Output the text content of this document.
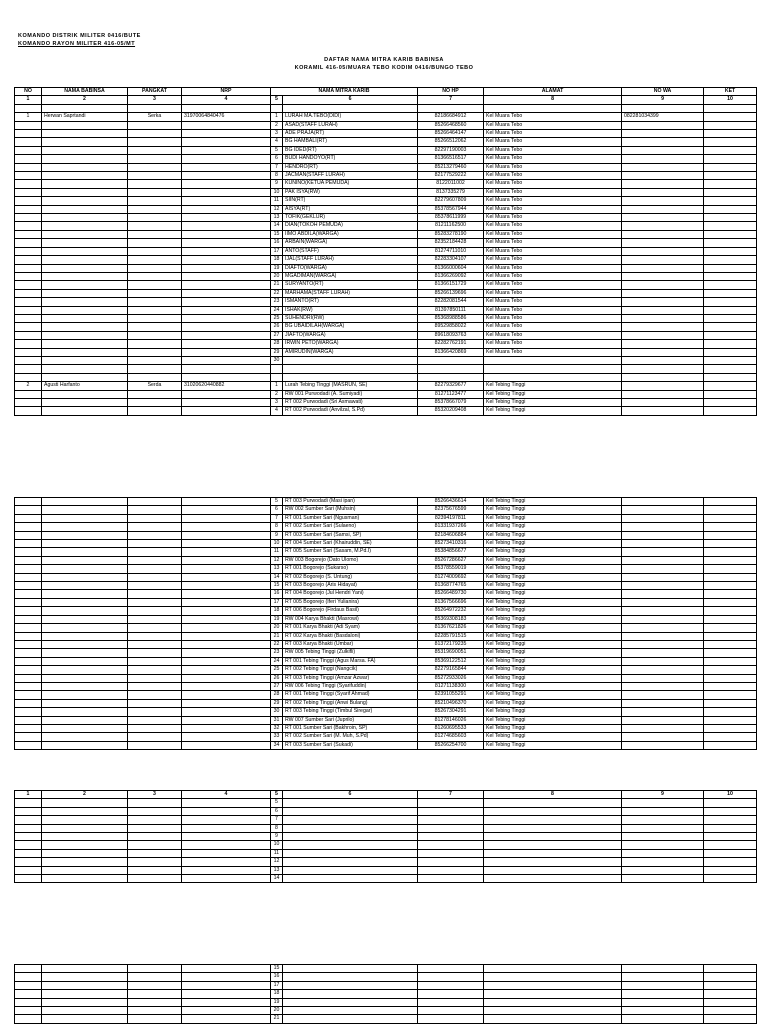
KOMANDO DISTRIK MILITER 0416/BUTE
KOMANDO RAYON MILITER 416-05/MT
DAFTAR NAMA MITRA KARIB BABINSA
KORAMIL 416-05/MUARA TEBO KODIM 0416/BUNGO TEBO
NO	NAMA BABINSA	PANGKAT	NRP	NAMA MITRA KARIB		NO HP	ALAMAT	NO WA	KET
1	2	3	4	5	6	7	8	9	10

1	Herwan Saprtandi	Serka	31970064840476	1	LURAH MA.TEBO(DIDI)	82186684912	Kel Muara Tebo	082281034399	
				2	ASAD(STAFF LURAH)	85266468560	Kel Muara Tebo		
				3	ADE PRAJA(RT)	85266464147	Kel Muara Tebo		
				4	BG HAMBALI(RT)	85266512062	Kel Muara Tebo		
				5	BG IDED(RT)	82297190003	Kel Muara Tebo		
				6	BUDI HANDOYO(RT)	81366516517	Kel Muara Tebo		
				7	HENDRO(RT)	85213279460	Kel Muara Tebo		
				8	JACMAN(STAFF LURAH)	82177529222	Kel Muara Tebo		
				9	KUNINO(KETUA PEMUDA)	8122011002	Kel Muara Tebo		
				10	PAK ISYA(RW)	8137335279	Kel Muara Tebo		
				11	SIIN(RT)	82279607809	Kel Muara Tebo		
				12	AISYA(RT)	85378567944	Kel Muara Tebo		
				13	TOFIK(GEKLUR)	85378611999	Kel Muara Tebo		
				14	DIAN(TOKOH PEMUDA)	81211162500	Kel Muara Tebo		
				15	IIMO ABDILA(WARGA)	85283278190	Kel Muara Tebo		
				16	ARBAIN(WARGA)	82352184428	Kel Muara Tebo		
				17	ANTO(STAFF)	81274711010	Kel Muara Tebo		
				18	IJAL(STAFF LURAH)	82283304107	Kel Muara Tebo		
				19	DIAFTO(WARGA)	81366000604	Kel Muara Tebo		
				20	MGADIMAN(WARGA)	81366269092	Kel Muara Tebo		
				21	SURYANTO(RT)	81366151729	Kel Muara Tebo		
				22	MARHAMA(STAFF LURAH)	85266139696	Kel Muara Tebo		
				23	ISMANTO(RT)	82282081544	Kel Muara Tebo		
				24	ISHAK(RW)	81397850111	Kel Muara Tebo		
				25	SUHENDRI(RW)	85368988586	Kel Muara Tebo		
				26	BG UBAIDILAH(WARGA)	89529858022	Kel Muara Tebo		
				27	JIAFTO(WARGA)	89618093763	Kel Muara Tebo		
				28	IRWIN PETO(WARGA)	82282762191	Kel Muara Tebo		
				29	AMIRUDIN(WARGA)	81366420869	Kel Muara Tebo		
				30					

2	Agusti Harfanto	Serda	31020620440882	1	Lurah Tebing Tinggi (MASRUN, SE)	82279329677	Kel Tebing Tinggi		
				2	RW 001 Purwodadi (A. Sumiyadi)	81271123477	Kel Tebing Tinggi		
				3	RT 002 Purwodadi (Sri Asmawati)	85378667079	Kel Tebing Tinggi		
				4	RT 002 Purwodadi (Anvilzal, S.Pd)	85320209408	Kel Tebing Tinggi		
				5	RT 003 Purwodadi (Masi ipan)	85266436614	Kel Tebing Tinggi		
				6	RW 002 Sumber Sari (Muhsin)	82375676599	Kel Tebing Tinggi		
				7	RT 001 Sumber Sari (Ngusman)	82394197811	Kel Tebing Tinggi		
				8	RT 002 Sumber Sari (Sulaeno)	81331937266	Kel Tebing Tinggi		
				9	RT 003 Sumber Sari (Samsi, SP)	82184606884	Kel Tebing Tinggi		
				10	RT 004 Sumber Sari (Khairuddin, SE)	85273410316	Kel Tebing Tinggi		
				11	RT 005 Sumber Sari (Sasam, M.Pd.I)	85384856677	Kel Tebing Tinggi		
				12	RW 003 Bogorejo (Dato Ulomo)	85267286627	Kel Tebing Tinggi		
				13	RT 001 Bogorejo (Sukarso)	85378559019	Kel Tebing Tinggi		
				14	RT 002 Bogorejo (S. Untung)	81274009692	Kel Tebing Tinggi		
				15	RT 003 Bogorejo (Aris Hidayat)	81368774765	Kel Tebing Tinggi		
				16	RT 004 Bogorejo (Jul Hendri Yani)	85266489730	Kel Tebing Tinggi		
				17	RT 005 Bogorejo (Iferi Yulianira)	81367566696	Kel Tebing Tinggi		
				18	RT 006 Bogorejo (Firdaus Basil)	85264972232	Kel Tebing Tinggi		
				19	RW 004 Karya Bhakti (Masrowi)	85369308183	Kel Tebing Tinggi		
				20	RT 001 Karya Bhakti (Adi Syam)	81367621826	Kel Tebing Tinggi		
				21	RT 002 Karya Bhakti (Basdaloni)	82285791515	Kel Tebing Tinggi		
				22	RT 003 Karya Bhakti (Umbar)	81372179235	Kel Tebing Tinggi		
				23	RW 005 Tebing Tinggi (Zulkifli)	85319690051	Kel Tebing Tinggi		
				24	RT 001 Tebing Tinggi (Agus Marsa. FA)	85369122512	Kel Tebing Tinggi		
				25	RT 002 Tebing Tinggi (Nangcik)	82279165844	Kel Tebing Tinggi		
				26	RT 003 Tebing Tinggi (Amzar Azwar)	85272933026	Kel Tebing Tinggi		
				27	RW 006 Tebing Tinggi (Syarifuddin)	81271138300	Kel Tebing Tinggi		
				28	RT 001 Tebing Tinggi (Syarif Ahmad)	82391055291	Kel Tebing Tinggi		
				29	RT 002 Tebing Tinggi (Anwi Bulang)	85210496370	Kel Tebing Tinggi		
				30	RT 003 Tebing Tinggi (Timbul Siregar)	85267304291	Kel Tebing Tinggi		
				31	RW 007 Sumber Sari (Juprilo)	81278146026	Kel Tebing Tinggi		
				32	RT 001 Sumber Sari (Bakhroin, SP)	81260695533	Kel Tebing Tinggi		
				33	RT 002 Sumber Sari (M. Muh, S.Pd)	81274685603	Kel Tebing Tinggi		
				34	RT 003 Sumber Sari (Sukadi)	85266254700	Kel Tebing Tinggi		
1	2	3	4	5	6	7	8	9	10
				5					
				6					
				7					
				8					
				9					
				10					
				11					
				12					
				13					
				14					
				15					
				16					
				17					
				18					
				19					
				20					
				21					
